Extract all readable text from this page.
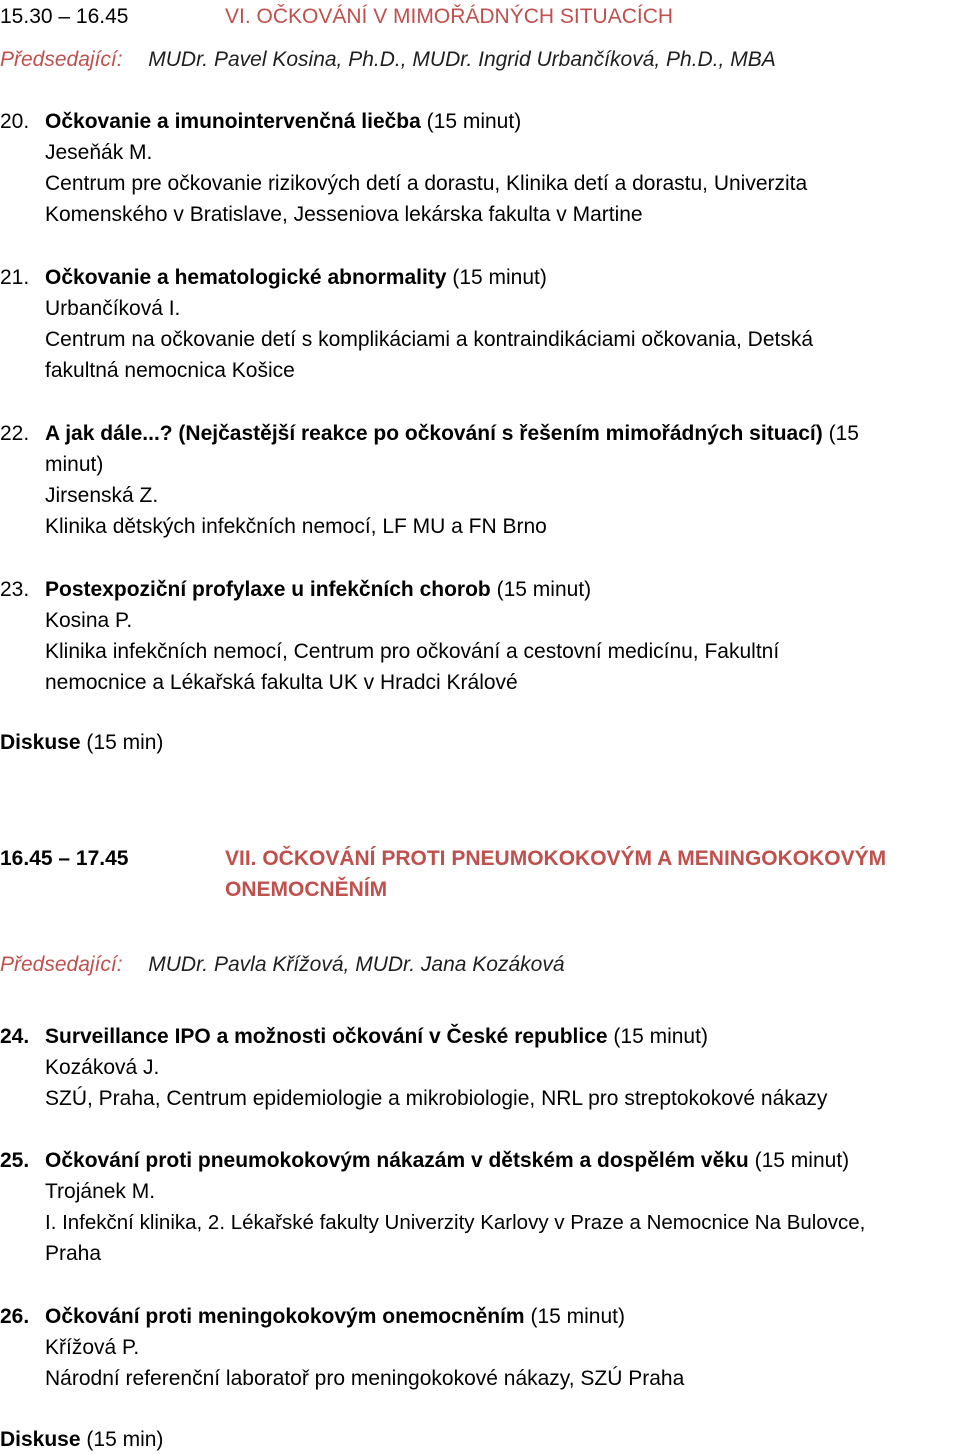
15.30 – 16.45	VI. OČKOVÁNÍ V MIMOŘÁDNÝCH SITUACÍCH
Předsedající: MUDr. Pavel Kosina, Ph.D., MUDr. Ingrid Urbančíková, Ph.D., MBA
20. Očkovanie a imunointervenčná liečba (15 minut)
Jeseňák M.
Centrum pre očkovanie rizikových detí a dorastu, Klinika detí a dorastu, Univerzita
Komenského v Bratislave, Jesseniova lekárska fakulta v Martine
21. Očkovanie a hematologické abnormality (15 minut)
Urbančíková I.
Centrum na očkovanie detí s komplikáciami a kontraindikáciami očkovania, Detská
fakultná nemocnica Košice
22. A jak dále...? (Nejčastější reakce po očkování s řešením mimořádných situací) (15
minut)
Jirsenská Z.
Klinika dětských infekčních nemocí, LF MU a FN Brno
23. Postexpoziční profylaxe u infekčních chorob (15 minut)
Kosina P.
Klinika infekčních nemocí, Centrum pro očkování a cestovní medicínu, Fakultní
nemocnice a Lékařská fakulta UK v Hradci Králové
Diskuse (15 min)
16.45 – 17.45	VII. OČKOVÁNÍ PROTI PNEUMOKOKOVÝM A MENINGOKOKOVÝM
ONEMOCNĚNÍM
Předsedající: MUDr. Pavla Křížová, MUDr. Jana Kozáková
24. Surveillance IPO a možnosti očkování v České republice (15 minut)
Kozáková J.
SZÚ, Praha, Centrum epidemiologie a mikrobiologie, NRL pro streptokokové nákazy
25. Očkování proti pneumokokovým nákazám v dětském a dospělém věku (15 minut)
Trojánek M.
I. Infekční klinika, 2. Lékařské fakulty Univerzity Karlovy v Praze a Nemocnice Na Bulovce,
Praha
26. Očkování proti meningokokovým onemocněním (15 minut)
Křížová P.
Národní referenční laboratoř pro meningokokové nákazy, SZÚ Praha
Diskuse (15 min)
